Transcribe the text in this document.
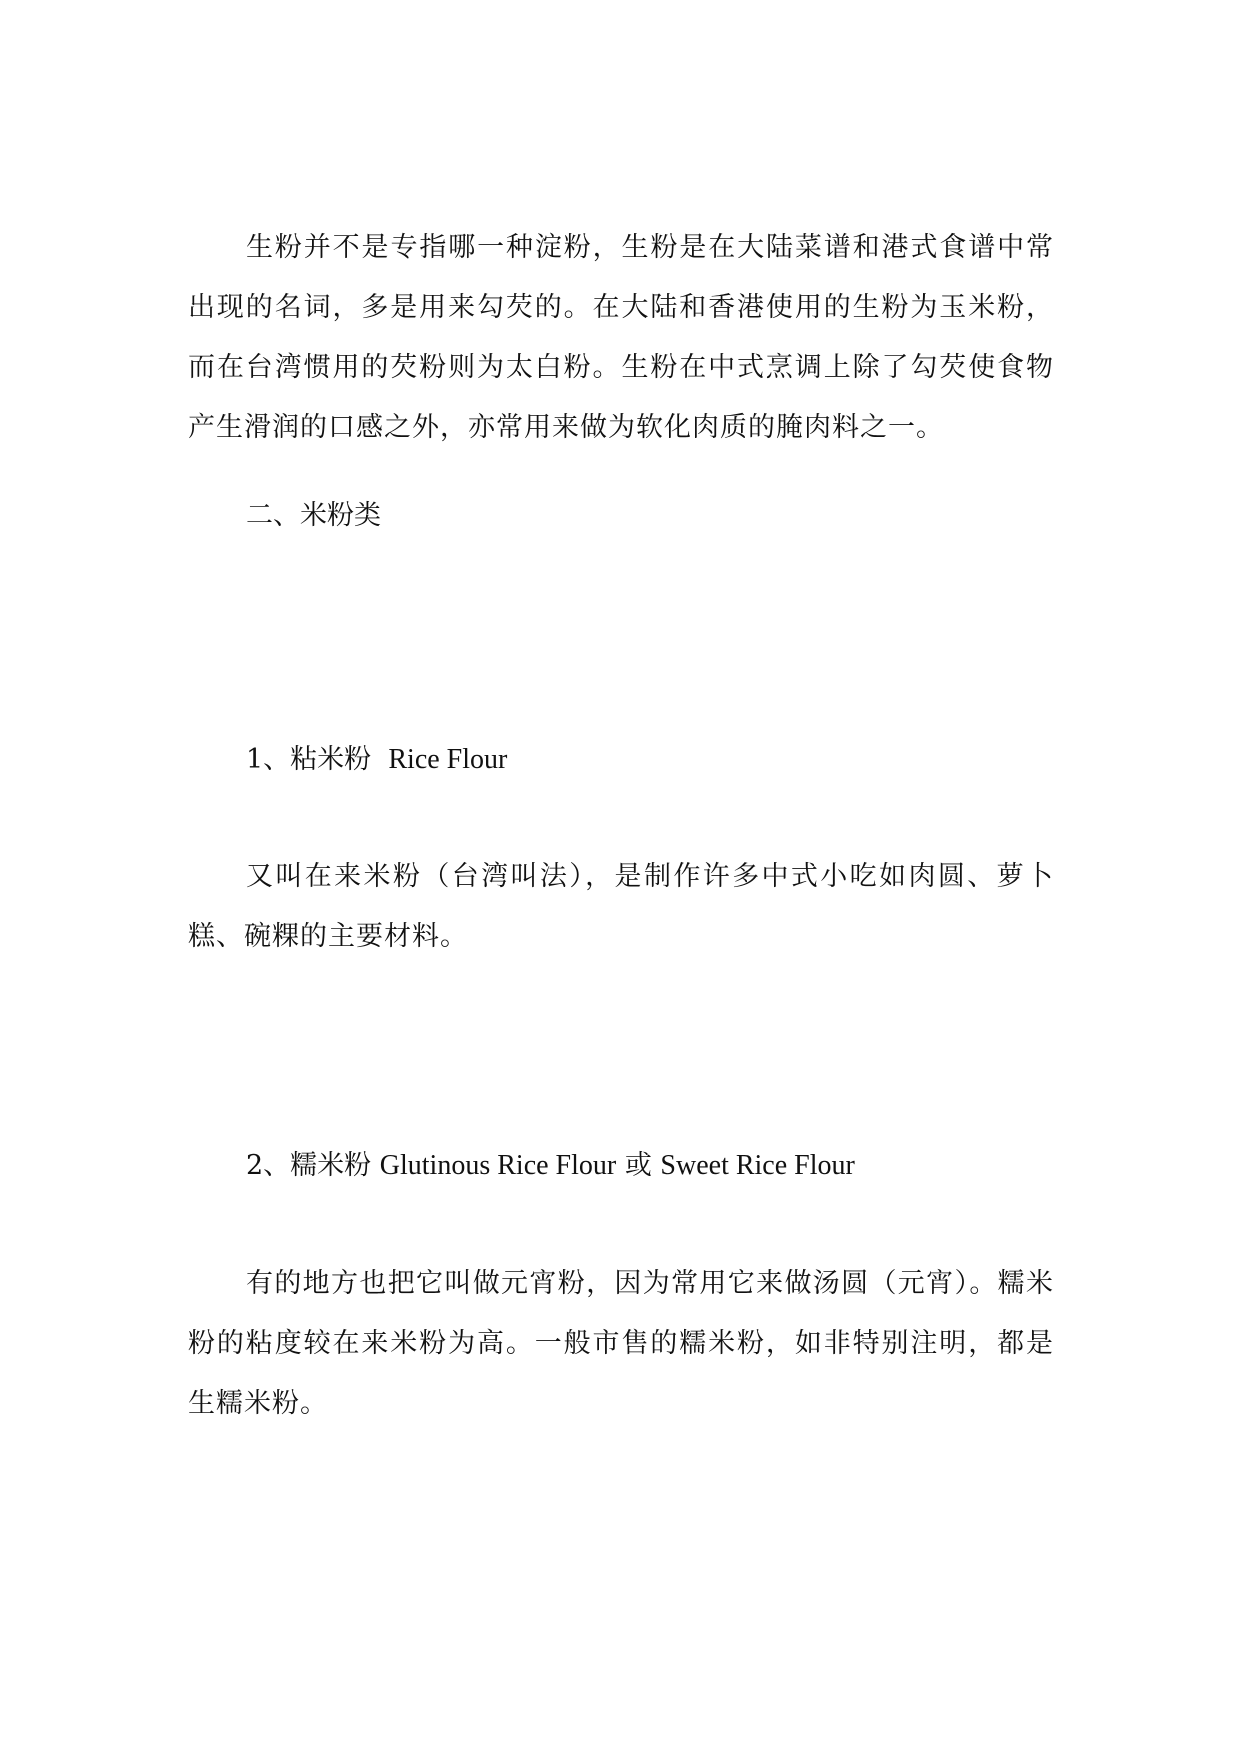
生粉并不是专指哪一种淀粉，生粉是在大陆菜谱和港式食谱中常出现的名词，多是用来勾芡的。在大陆和香港使用的生粉为玉米粉，而在台湾惯用的芡粉则为太白粉。生粉在中式烹调上除了勾芡使食物产生滑润的口感之外，亦常用来做为软化肉质的腌肉料之一。

二、米粉类

1、粘米粉 Rice Flour

又叫在来米粉（台湾叫法），是制作许多中式小吃如肉圆、萝卜糕、碗粿的主要材料。

2、糯米粉 Glutinous Rice Flour 或 Sweet Rice Flour

有的地方也把它叫做元宵粉，因为常用它来做汤圆（元宵）。糯米粉的粘度较在来米粉为高。一般市售的糯米粉，如非特别注明，都是生糯米粉。
